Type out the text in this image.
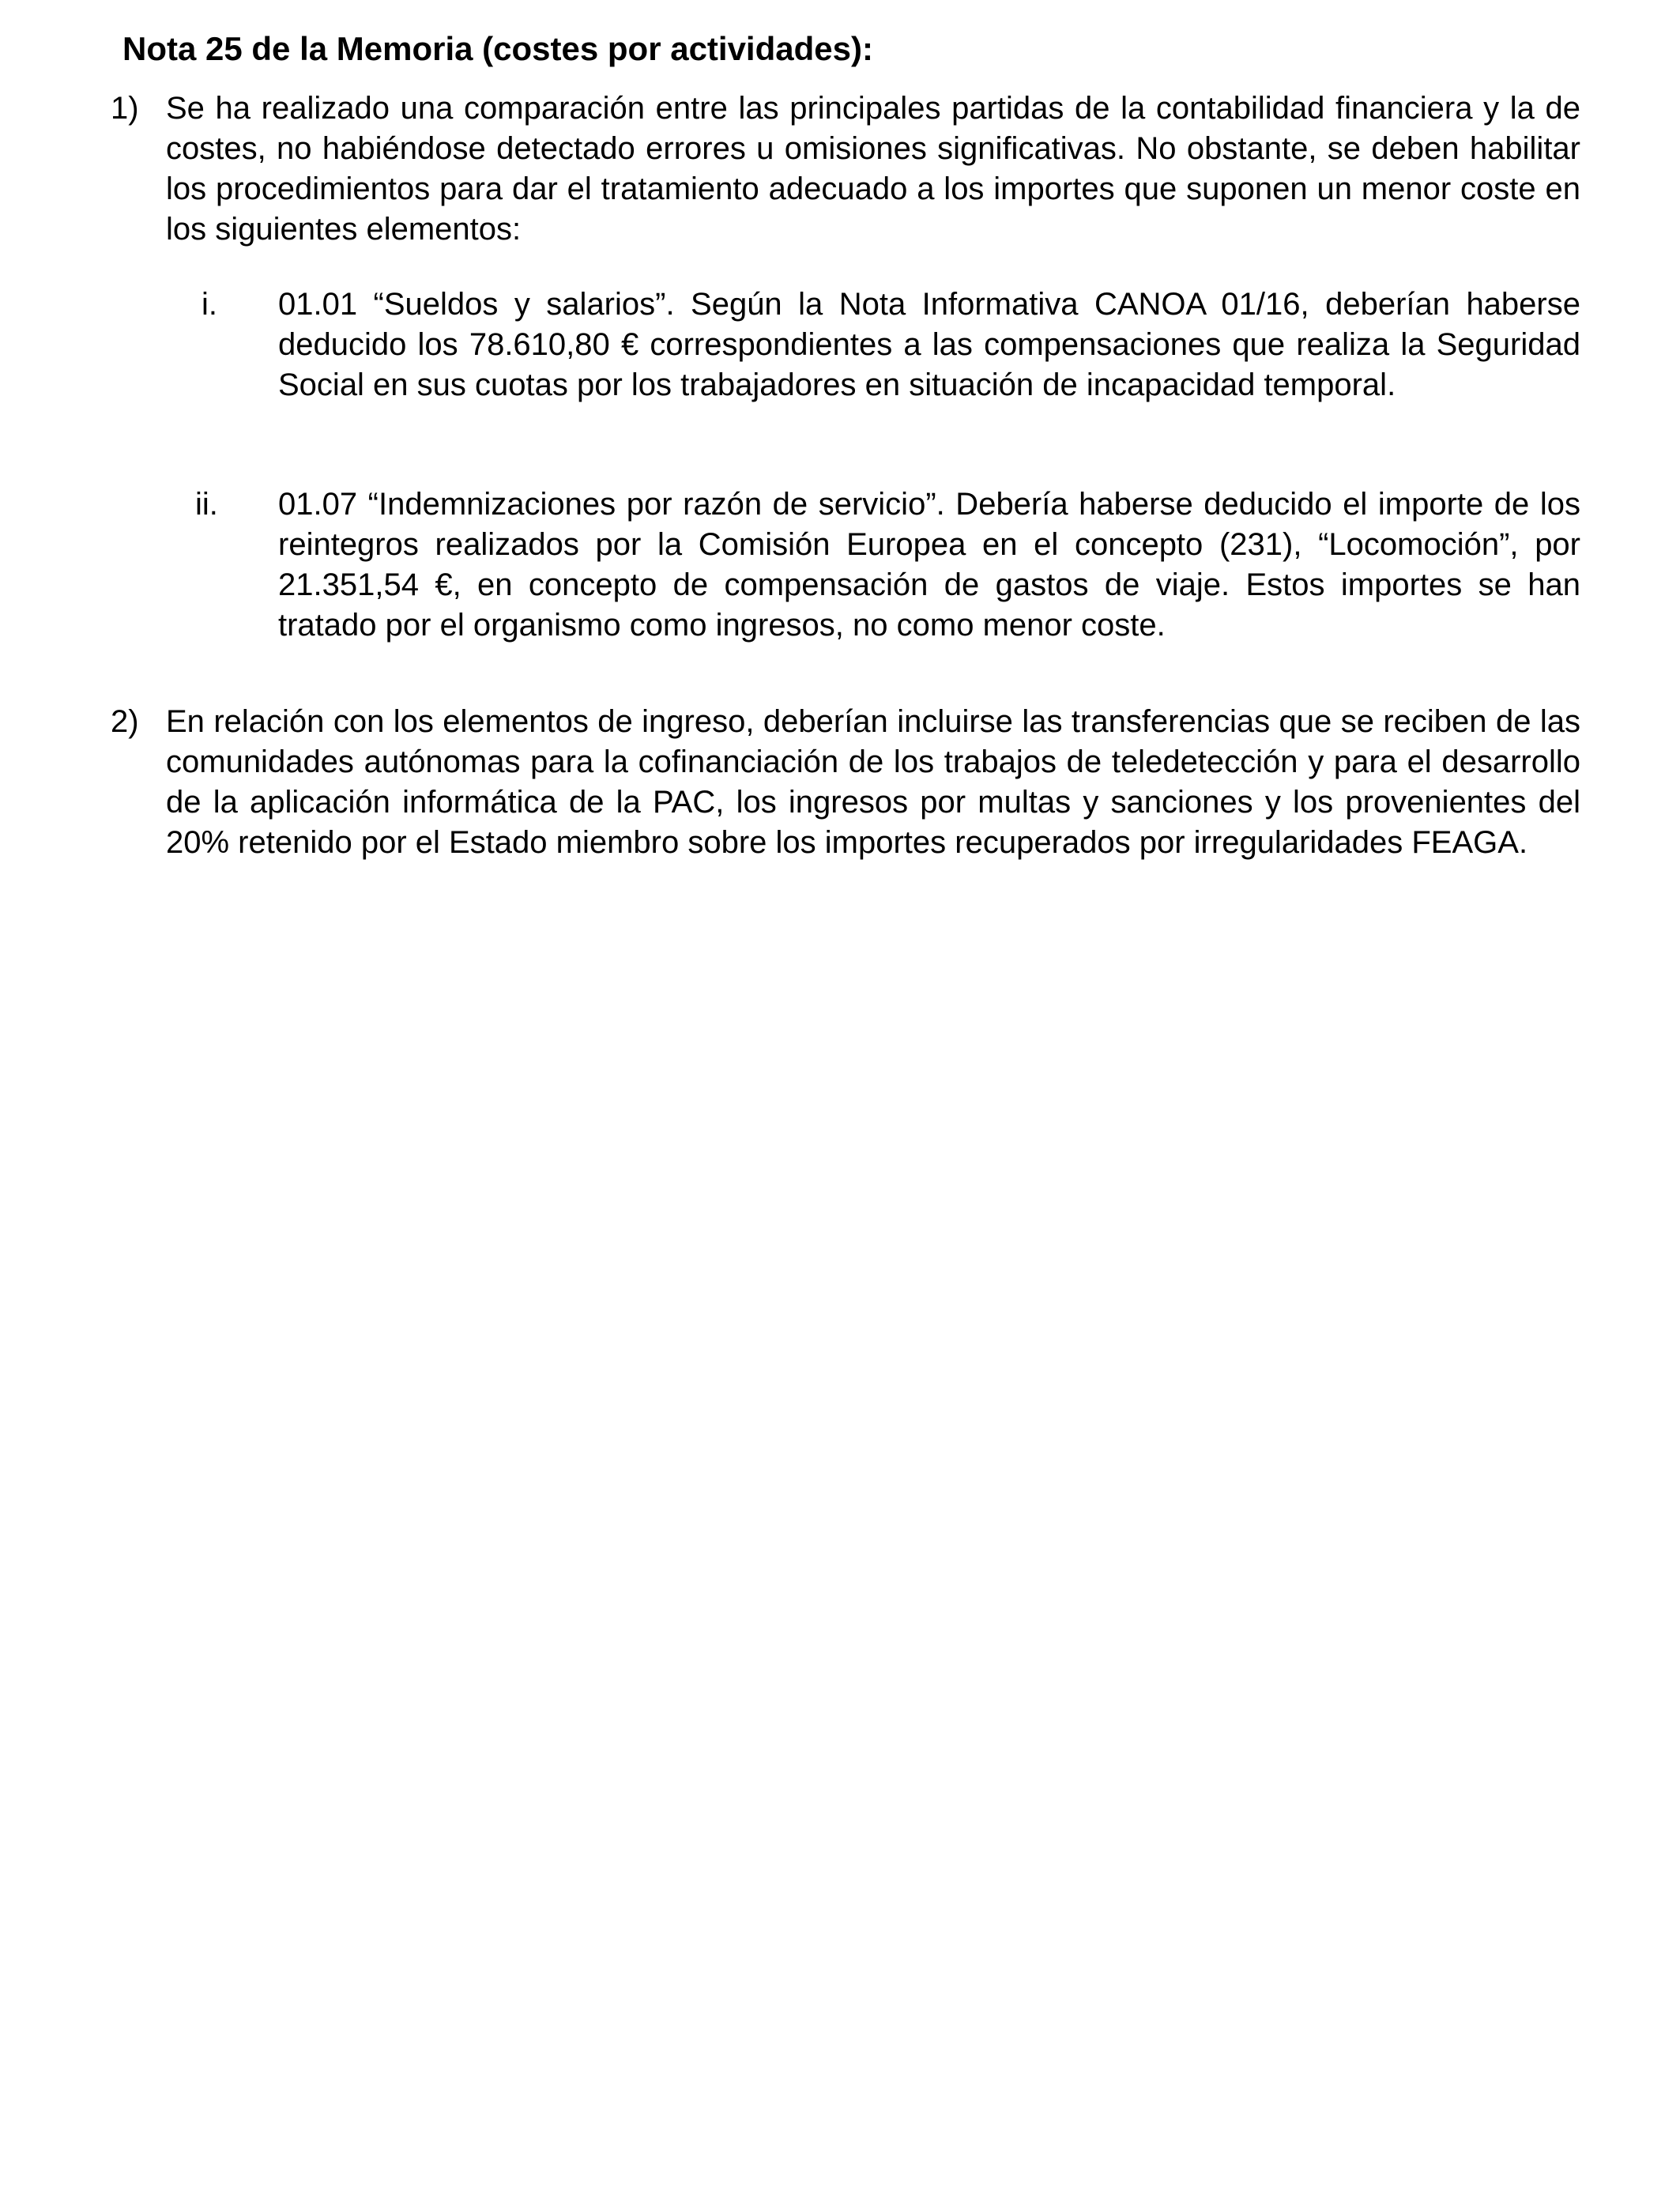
Nota 25 de la Memoria (costes por actividades):
1) Se ha realizado una comparación entre las principales partidas de la contabilidad financiera y la de costes, no habiéndose detectado errores u omisiones significativas. No obstante, se deben habilitar los procedimientos para dar el tratamiento adecuado a los importes que suponen un menor coste en los siguientes elementos:

i. 01.01 “Sueldos y salarios”. Según la Nota Informativa CANOA 01/16, deberían haberse deducido los 78.610,80 € correspondientes a las compensaciones que realiza la Seguridad Social en sus cuotas por los trabajadores en situación de incapacidad temporal.

ii. 01.07 “Indemnizaciones por razón de servicio”. Debería haberse deducido el importe de los reintegros realizados por la Comisión Europea en el concepto (231), “Locomoción”, por 21.351,54 €, en concepto de compensación de gastos de viaje. Estos importes se han tratado por el organismo como ingresos, no como menor coste.

2) En relación con los elementos de ingreso, deberían incluirse las transferencias que se reciben de las comunidades autónomas para la cofinanciación de los trabajos de teledetección y para el desarrollo de la aplicación informática de la PAC, los ingresos por multas y sanciones y los provenientes del 20% retenido por el Estado miembro sobre los importes recuperados por irregularidades FEAGA.
